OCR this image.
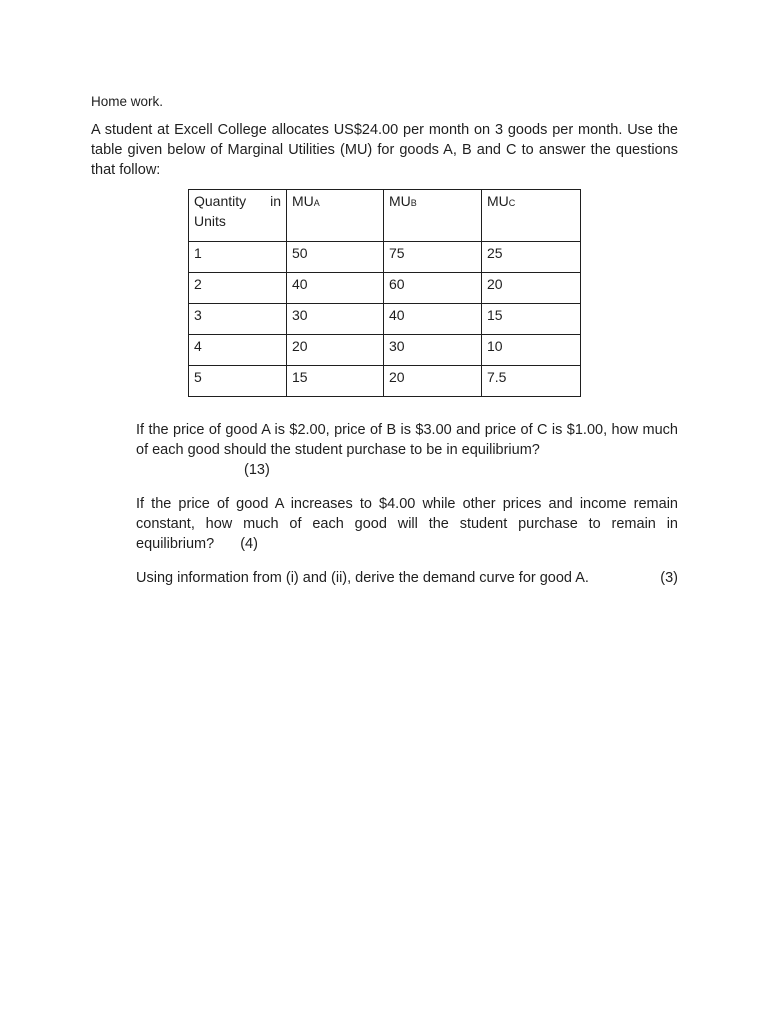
Home work.
A student at Excell College allocates US$24.00 per month on 3 goods per month. Use the table given below of Marginal Utilities (MU) for goods A, B and C to answer the questions that follow:
Quantity in
Units	MUA	MUB	MUC
1	50	75	25
2	40	60	20
3	30	40	15
4	20	30	10
5	15	20	7.5
If the price of good A is $2.00, price of B is $3.00 and price of C is $1.00, how much of each good should the student purchase to be in equilibrium?
(13)
If the price of good A increases to $4.00 while other prices and income remain constant, how much of each good will the student purchase to remain in equilibrium? (4)
Using information from (i) and (ii), derive the demand curve for good A.	(3)
